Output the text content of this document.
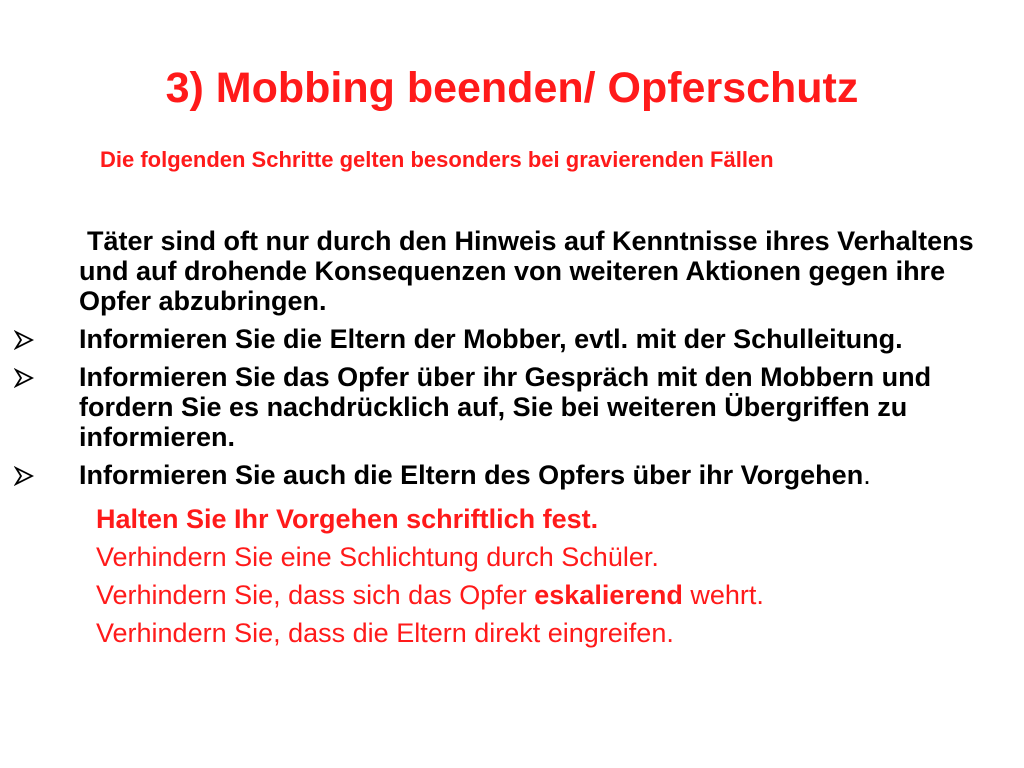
3) Mobbing beenden/ Opferschutz
Die folgenden Schritte gelten besonders bei gravierenden Fällen
Täter sind oft nur durch den Hinweis auf Kenntnisse ihres Verhaltens und auf drohende Konsequenzen von weiteren Aktionen gegen ihre Opfer abzubringen.
Informieren Sie die Eltern der Mobber, evtl. mit der Schulleitung.
Informieren Sie das Opfer über ihr Gespräch mit den Mobbern und fordern Sie es nachdrücklich auf, Sie bei weiteren Übergriffen zu informieren.
Informieren Sie auch die Eltern des Opfers über ihr Vorgehen.
Halten Sie Ihr Vorgehen schriftlich fest.
Verhindern Sie eine Schlichtung durch Schüler.
Verhindern Sie, dass sich das Opfer eskalierend wehrt.
Verhindern Sie, dass die Eltern direkt eingreifen.
